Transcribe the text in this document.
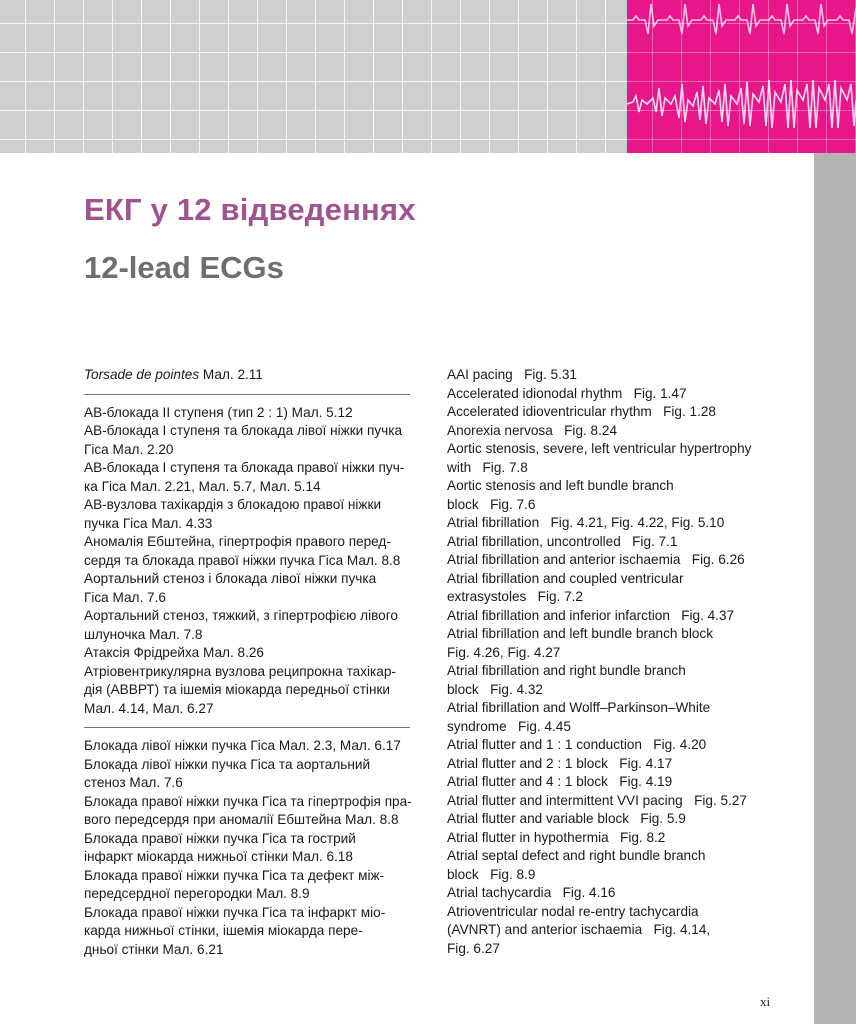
ЕКГ у 12 відведеннях
12-lead ECGs
Torsade de pointes Мал. 2.11
АВ-блокада ІІ ступеня (тип 2 : 1) Мал. 5.12
АВ-блокада І ступеня та блокада лівої ніжки пучка
Гіса Мал. 2.20
АВ-блокада І ступеня та блокада правої ніжки пуч-
ка Гіса Мал. 2.21, Мал. 5.7, Мал. 5.14
АВ-вузлова тахікардія з блокадою правої ніжки
пучка Гіса Мал. 4.33
Аномалія Ебштейна, гіпертрофія правого перед-
сердя та блокада правої ніжки пучка Гіса Мал. 8.8
Аортальний стеноз і блокада лівої ніжки пучка
Гіса Мал. 7.6
Аортальний стеноз, тяжкий, з гіпертрофією лівого
шлуночка Мал. 7.8
Атаксія Фрідрейха Мал. 8.26
Атріовентрикулярна вузлова реципрокна тахікар-
дія (АВВРТ) та ішемія міокарда передньої стінки
Мал. 4.14, Мал. 6.27
Блокада лівої ніжки пучка Гіса Мал. 2.3, Мал. 6.17
Блокада лівої ніжки пучка Гіса та аортальний
стеноз Мал. 7.6
Блокада правої ніжки пучка Гіса та гіпертрофія пра-
вого передсердя при аномалії Ебштейна Мал. 8.8
Блокада правої ніжки пучка Гіса та гострий
інфаркт міокарда нижньої стінки Мал. 6.18
Блокада правої ніжки пучка Гіса та дефект між-
передсердної перегородки Мал. 8.9
Блокада правої ніжки пучка Гіса та інфаркт міо-
карда нижньої стінки, ішемія міокарда пере-
дньої стінки Мал. 6.21
AAI pacing   Fig. 5.31
Accelerated idionodal rhythm   Fig. 1.47
Accelerated idioventricular rhythm   Fig. 1.28
Anorexia nervosa   Fig. 8.24
Aortic stenosis, severe, left ventricular hypertrophy
with   Fig. 7.8
Aortic stenosis and left bundle branch
block   Fig. 7.6
Atrial fibrillation   Fig. 4.21, Fig. 4.22, Fig. 5.10
Atrial fibrillation, uncontrolled   Fig. 7.1
Atrial fibrillation and anterior ischaemia   Fig. 6.26
Atrial fibrillation and coupled ventricular
extrasystoles   Fig. 7.2
Atrial fibrillation and inferior infarction   Fig. 4.37
Atrial fibrillation and left bundle branch block
Fig. 4.26, Fig. 4.27
Atrial fibrillation and right bundle branch
block   Fig. 4.32
Atrial fibrillation and Wolff–Parkinson–White
syndrome   Fig. 4.45
Atrial flutter and 1 : 1 conduction   Fig. 4.20
Atrial flutter and 2 : 1 block   Fig. 4.17
Atrial flutter and 4 : 1 block   Fig. 4.19
Atrial flutter and intermittent VVI pacing   Fig. 5.27
Atrial flutter and variable block   Fig. 5.9
Atrial flutter in hypothermia   Fig. 8.2
Atrial septal defect and right bundle branch
block   Fig. 8.9
Atrial tachycardia   Fig. 4.16
Atrioventricular nodal re-entry tachycardia
(AVNRT) and anterior ischaemia   Fig. 4.14,
Fig. 6.27
xi
